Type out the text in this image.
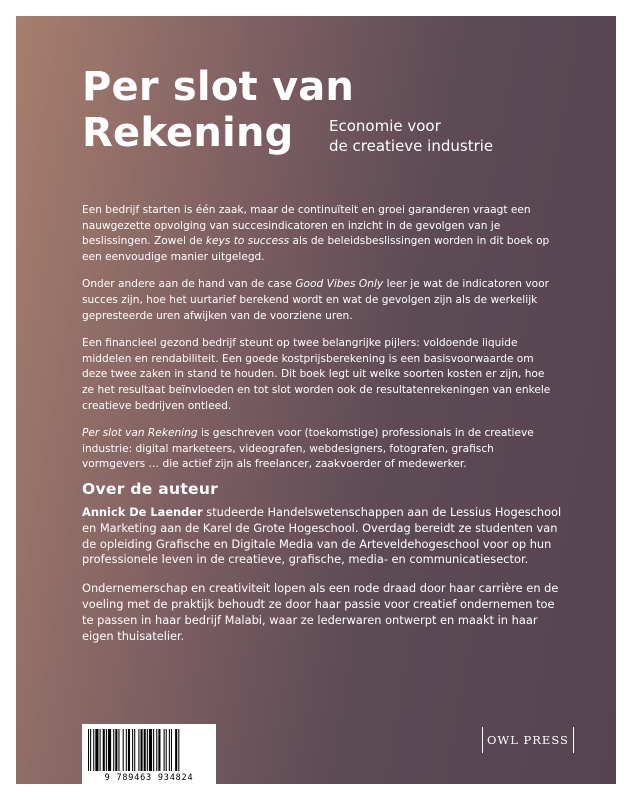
Per slot van
Rekening	Economie voor
de creatieve industrie

Een bedrijf starten is één zaak, maar de continuïteit en groei garanderen vraagt een nauwgezette opvolging van succesindicatoren en inzicht in de gevolgen van je beslissingen. Zowel de keys to success als de beleidsbeslissingen worden in dit boek op een eenvoudige manier uitgelegd.

Onder andere aan de hand van de case Good Vibes Only leer je wat de indicatoren voor succes zijn, hoe het uurtarief berekend wordt en wat de gevolgen zijn als de werkelijk gepresteerde uren afwijken van de voorziene uren.

Een financieel gezond bedrijf steunt op twee belangrijke pijlers: voldoende liquide middelen en rendabiliteit. Een goede kostprijsberekening is een basisvoorwaarde om deze twee zaken in stand te houden. Dit boek legt uit welke soorten kosten er zijn, hoe ze het resultaat beïnvloeden en tot slot worden ook de resultatenrekeningen van enkele creatieve bedrijven ontleed.

Per slot van Rekening is geschreven voor (toekomstige) professionals in de creatieve industrie: digital marketeers, videografen, webdesigners, fotografen, grafisch vormgevers … die actief zijn als freelancer, zaakvoerder of medewerker.

Over de auteur

Annick De Laender studeerde Handelswetenschappen aan de Lessius Hogeschool en Marketing aan de Karel de Grote Hogeschool. Overdag bereidt ze studenten van de opleiding Grafische en Digitale Media van de Arteveldehogeschool voor op hun professionele leven in de creatieve, grafische, media- en communicatiesector.

Ondernemerschap en creativiteit lopen als een rode draad door haar carrière en de voeling met de praktijk behoudt ze door haar passie voor creatief ondernemen toe te passen in haar bedrijf Malabi, waar ze lederwaren ontwerpt en maakt in haar eigen thuisatelier.

9 789463 934824
OWL PRESS
